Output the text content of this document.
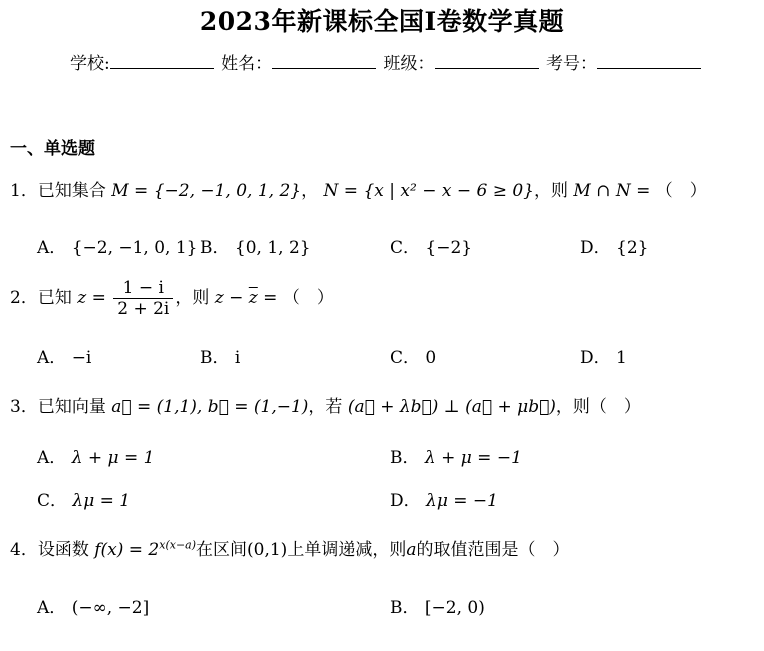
2023年新课标全国Ⅰ卷数学真题
学校:	姓名：	班级：	考号：
一、单选题
1．已知集合 M = {−2, −1, 0, 1, 2}， N = {x | x² − x − 6 ≥ 0}，则 M ∩ N = （　）
A． {−2, −1, 0, 1} B． {0, 1, 2}	C． {−2}	D． {2}
2．已知 $z = \frac{1 - i}{2 + 2i}$ ，则 $z - \overline{z}$ = （　）
A． −i	B． i	C． 0	D． 1
3．已知向量 a⃗ = (1,1), b⃗ = (1,−1)，若 (a⃗ + λb⃗) ⊥ (a⃗ + μb⃗)，则（　）
A． λ + μ = 1	B． λ + μ = −1
C． λμ = 1	D． λμ = −1
4．设函数 $f(x) = 2^{x(x-a)}$在区间(0,1)上单调递减，则a的取值范围是（　）
A． (−∞, −2]	B． [−2, 0)
